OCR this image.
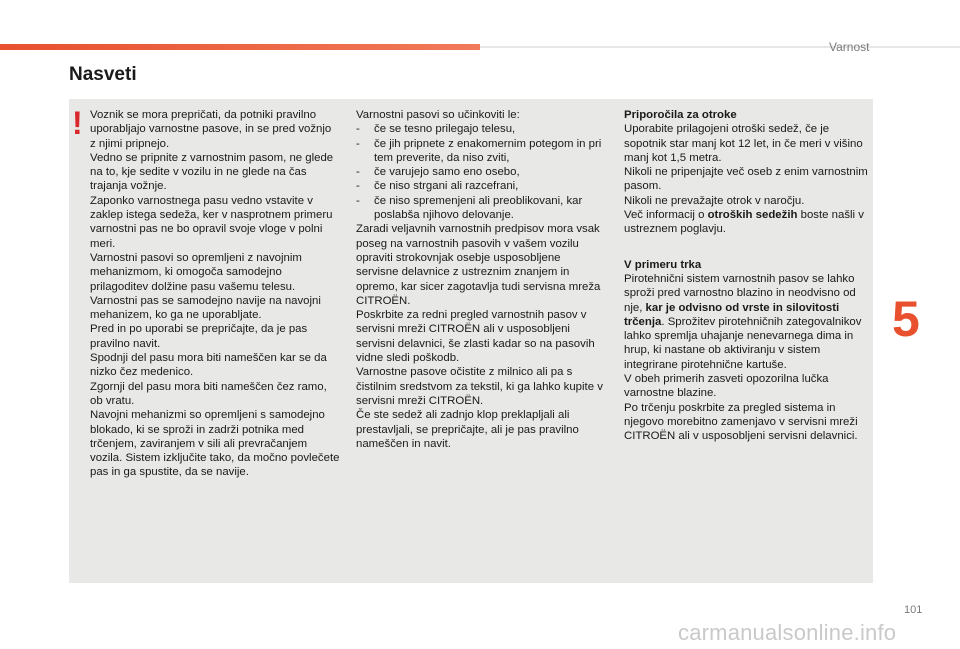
Varnost
Nasveti
! Voznik se mora prepričati, da potniki pravilno uporabljajo varnostne pasove, in se pred vožnjo z njimi pripnejo.

Vedno se pripnite z varnostnim pasom, ne glede na to, kje sedite v vozilu in ne glede na čas trajanja vožnje.

Zaponko varnostnega pasu vedno vstavite v zaklep istega sedeža, ker v nasprotnem primeru varnostni pas ne bo opravil svoje vloge v polni meri.

Varnostni pasovi so opremljeni z navojnim mehanizmom, ki omogoča samodejno prilagoditev dolžine pasu vašemu telesu.

Varnostni pas se samodejno navije na navojni mehanizem, ko ga ne uporabljate.

Pred in po uporabi se prepričajte, da je pas pravilno navit.

Spodnji del pasu mora biti nameščen kar se da nizko čez medenico.

Zgornji del pasu mora biti nameščen čez ramo, ob vratu.

Navojni mehanizmi so opremljeni s samodejno blokado, ki se sproži in zadrži potnika med trčenjem, zaviranjem v sili ali prevračanjem vozila. Sistem izključite tako, da močno povlečete pas in ga spustite, da se navije.

Varnostni pasovi so učinkoviti le:

-	če se tesno prilegajo telesu,
-	če jih pripnete z enakomernim potegom in pri tem preverite, da niso zviti,
-	če varujejo samo eno osebo,
-	če niso strgani ali razcefrani,
-	če niso spremenjeni ali preoblikovani, kar poslabša njihovo delovanje.

Zaradi veljavnih varnostnih predpisov mora vsak poseg na varnostnih pasovih v vašem vozilu opraviti strokovnjak osebje usposobljene servisne delavnice z ustreznim znanjem in opremo, kar sicer zagotavlja tudi servisna mreža CITROËN.

Poskrbite za redni pregled varnostnih pasov v servisni mreži CITROËN ali v usposobljeni servisni delavnici, še zlasti kadar so na pasovih vidne sledi poškodb.

Varnostne pasove očistite z milnico ali pa s čistilnim sredstvom za tekstil, ki ga lahko kupite v servisni mreži CITROËN.

Če ste sedež ali zadnjo klop preklapljali ali prestavljali, se prepričajte, ali je pas pravilno nameščen in navit.

Priporočila za otroke

Uporabite prilagojeni otroški sedež, če je sopotnik star manj kot 12 let, in če meri v višino manj kot 1,5 metra.

Nikoli ne pripenjajte več oseb z enim varnostnim pasom.

Nikoli ne prevažajte otrok v naročju.

Več informacij o otroških sedežih boste našli v ustreznem poglavju.

V primeru trka

Pirotehnični sistem varnostnih pasov se lahko sproži pred varnostno blazino in neodvisno od nje, kar je odvisno od vrste in silovitosti trčenja. Sprožitev pirotehničnih zategovalnikov lahko spremlja uhajanje nenevarnega dima in hrup, ki nastane ob aktiviranju v sistem integrirane pirotehnične kartuše.

V obeh primerih zasveti opozorilna lučka varnostne blazine.

Po trčenju poskrbite za pregled sistema in njegovo morebitno zamenjavo v servisni mreži CITROËN ali v usposobljeni servisni delavnici.

5
101
carmanualsonline.info
